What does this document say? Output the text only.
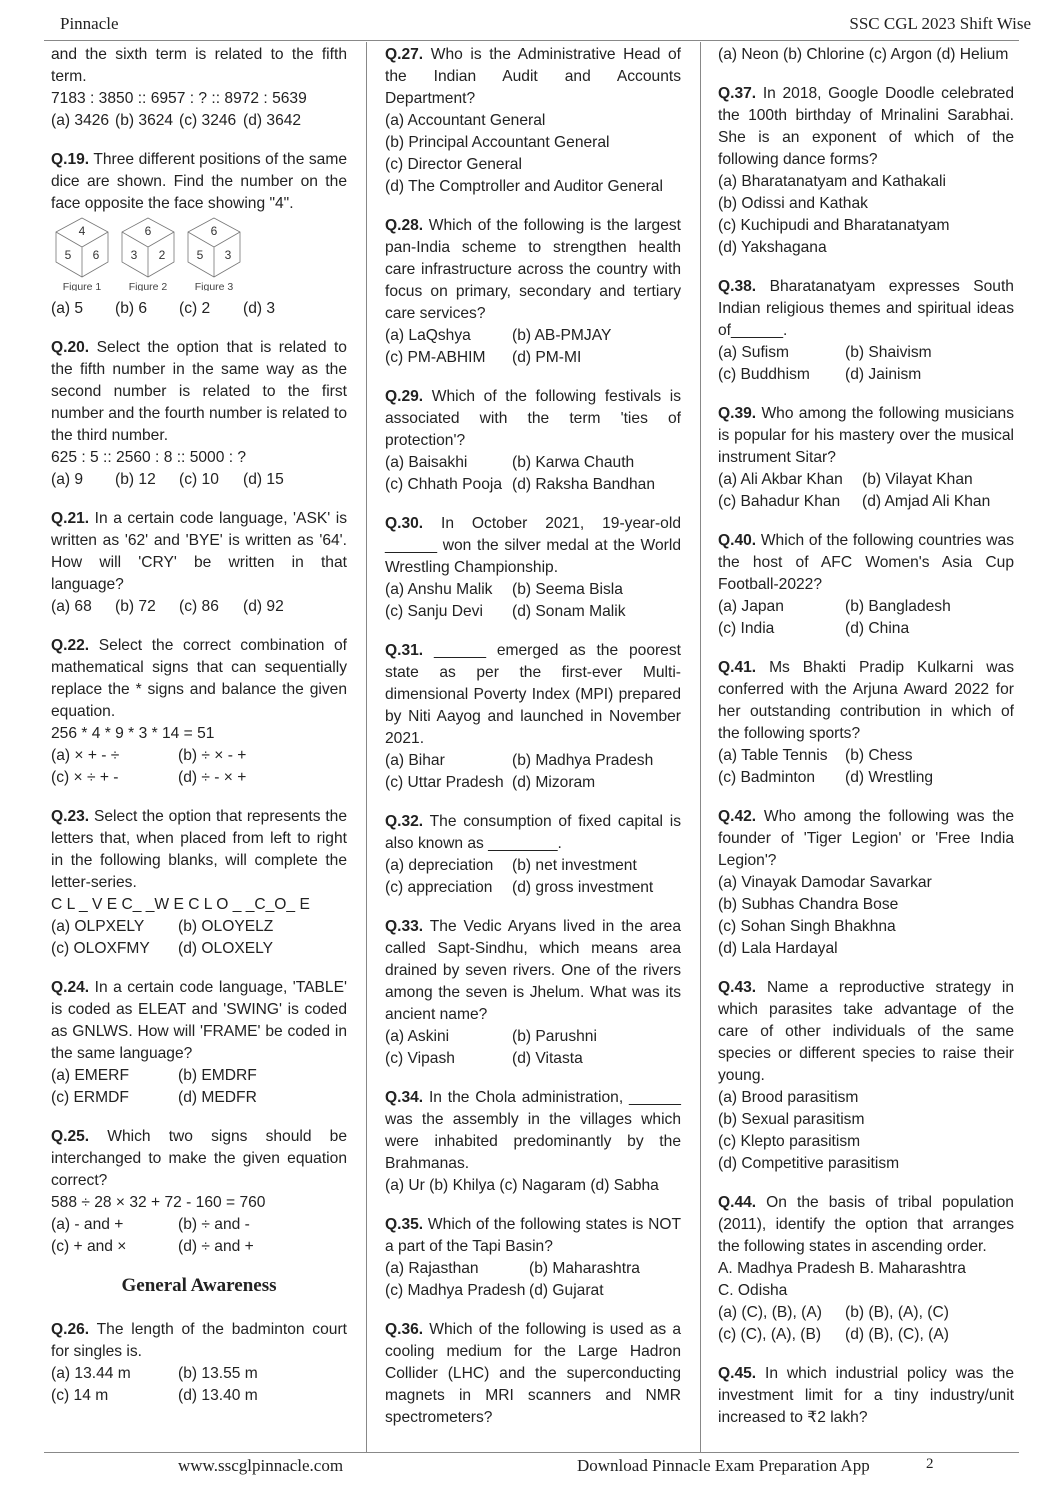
Pinnacle	SSC CGL 2023 Shift Wise
and the sixth term is related to the fifth term.
7183 : 3850 :: 6957 : ? :: 8972 : 5639
(a) 3426 (b) 3624 (c) 3246 (d) 3642
Q.19. Three different positions of the same dice are shown. Find the number on the face opposite the face showing "4".
4
5 6
Figure 1
6
3 2
Figure 2
6
5 3
Figure 3
(a) 5	(b) 6	(c) 2	(d) 3
Q.20. Select the option that is related to the fifth number in the same way as the second number is related to the first number and the fourth number is related to the third number.
625 : 5 :: 2560 : 8 :: 5000 : ?
(a) 9	(b) 12	(c) 10	(d) 15
Q.21. In a certain code language, 'ASK' is written as '62' and 'BYE' is written as '64'. How will 'CRY' be written in that language?
(a) 68	(b) 72	(c) 86	(d) 92
Q.22. Select the correct combination of mathematical signs that can sequentially replace the * signs and balance the given equation.
256 * 4 * 9 * 3 * 14 = 51
(a) × + - ÷	(b) ÷ × - +
(c) × ÷ + -	(d) ÷ - × +
Q.23. Select the option that represents the letters that, when placed from left to right in the following blanks, will complete the letter-series.
C L _ V E C_ _W E C L O _ _C_O_ E
(a) OLPXELY	(b) OLOYELZ
(c) OLOXFMY	(d) OLOXELY
Q.24. In a certain code language, 'TABLE' is coded as ELEAT and 'SWING' is coded as GNLWS. How will 'FRAME' be coded in the same language?
(a) EMERF	(b) EMDRF
(c) ERMDF	(d) MEDFR
Q.25. Which two signs should be interchanged to make the given equation correct?
588 ÷ 28 × 32 + 72 - 160 = 760
(a) - and +	(b) ÷ and -
(c) + and ×	(d) ÷ and +
General Awareness
Q.26. The length of the badminton court for singles is.
(a) 13.44 m	(b) 13.55 m
(c) 14 m	(d) 13.40 m
Q.27. Who is the Administrative Head of the Indian Audit and Accounts Department?
(a) Accountant General
(b) Principal Accountant General
(c) Director General
(d) The Comptroller and Auditor General
Q.28. Which of the following is the largest pan-India scheme to strengthen health care infrastructure across the country with focus on primary, secondary and tertiary care services?
(a) LaQshya	(b) AB-PMJAY
(c) PM-ABHIM	(d) PM-MI
Q.29. Which of the following festivals is associated with the term 'ties of protection'?
(a) Baisakhi	(b) Karwa Chauth
(c) Chhath Pooja (d) Raksha Bandhan
Q.30. In October 2021, 19-year-old ______ won the silver medal at the World Wrestling Championship.
(a) Anshu Malik	(b) Seema Bisla
(c) Sanju Devi	(d) Sonam Malik
Q.31. ______ emerged as the poorest state as per the first-ever Multi-dimensional Poverty Index (MPI) prepared by Niti Aayog and launched in November 2021.
(a) Bihar	(b) Madhya Pradesh
(c) Uttar Pradesh (d) Mizoram
Q.32. The consumption of fixed capital is also known as ________.
(a) depreciation	(b) net investment
(c) appreciation	(d) gross investment
Q.33. The Vedic Aryans lived in the area called Sapt-Sindhu, which means area drained by seven rivers. One of the rivers among the seven is Jhelum. What was its ancient name?
(a) Askini	(b) Parushni
(c) Vipash	(d) Vitasta
Q.34. In the Chola administration, ______ was the assembly in the villages which were inhabited predominantly by the Brahmanas.
(a) Ur (b) Khilya (c) Nagaram (d) Sabha
Q.35. Which of the following states is NOT a part of the Tapi Basin?
(a) Rajasthan	(b) Maharashtra
(c) Madhya Pradesh (d) Gujarat
Q.36. Which of the following is used as a cooling medium for the Large Hadron Collider (LHC) and the superconducting magnets in MRI scanners and NMR spectrometers?
(a) Neon (b) Chlorine (c) Argon (d) Helium
Q.37. In 2018, Google Doodle celebrated the 100th birthday of Mrinalini Sarabhai. She is an exponent of which of the following dance forms?
(a) Bharatanatyam and Kathakali
(b) Odissi and Kathak
(c) Kuchipudi and Bharatanatyam
(d) Yakshagana
Q.38. Bharatanatyam expresses South Indian religious themes and spiritual ideas of______.
(a) Sufism	(b) Shaivism
(c) Buddhism	(d) Jainism
Q.39. Who among the following musicians is popular for his mastery over the musical instrument Sitar?
(a) Ali Akbar Khan	(b) Vilayat Khan
(c) Bahadur Khan	(d) Amjad Ali Khan
Q.40. Which of the following countries was the host of AFC Women's Asia Cup Football-2022?
(a) Japan	(b) Bangladesh
(c) India	(d) China
Q.41. Ms Bhakti Pradip Kulkarni was conferred with the Arjuna Award 2022 for her outstanding contribution in which of the following sports?
(a) Table Tennis	(b) Chess
(c) Badminton	(d) Wrestling
Q.42. Who among the following was the founder of 'Tiger Legion' or 'Free India Legion'?
(a) Vinayak Damodar Savarkar
(b) Subhas Chandra Bose
(c) Sohan Singh Bhakhna
(d) Lala Hardayal
Q.43. Name a reproductive strategy in which parasites take advantage of the care of other individuals of the same species or different species to raise their young.
(a) Brood parasitism
(b) Sexual parasitism
(c) Klepto parasitism
(d) Competitive parasitism
Q.44. On the basis of tribal population (2011), identify the option that arranges the following states in ascending order.
A. Madhya Pradesh B. Maharashtra
C. Odisha
(a) (C), (B), (A)	(b) (B), (A), (C)
(c) (C), (A), (B)	(d) (B), (C), (A)
Q.45. In which industrial policy was the investment limit for a tiny industry/unit increased to ₹2 lakh?
www.sscglpinnacle.com	Download Pinnacle Exam Preparation App	2
